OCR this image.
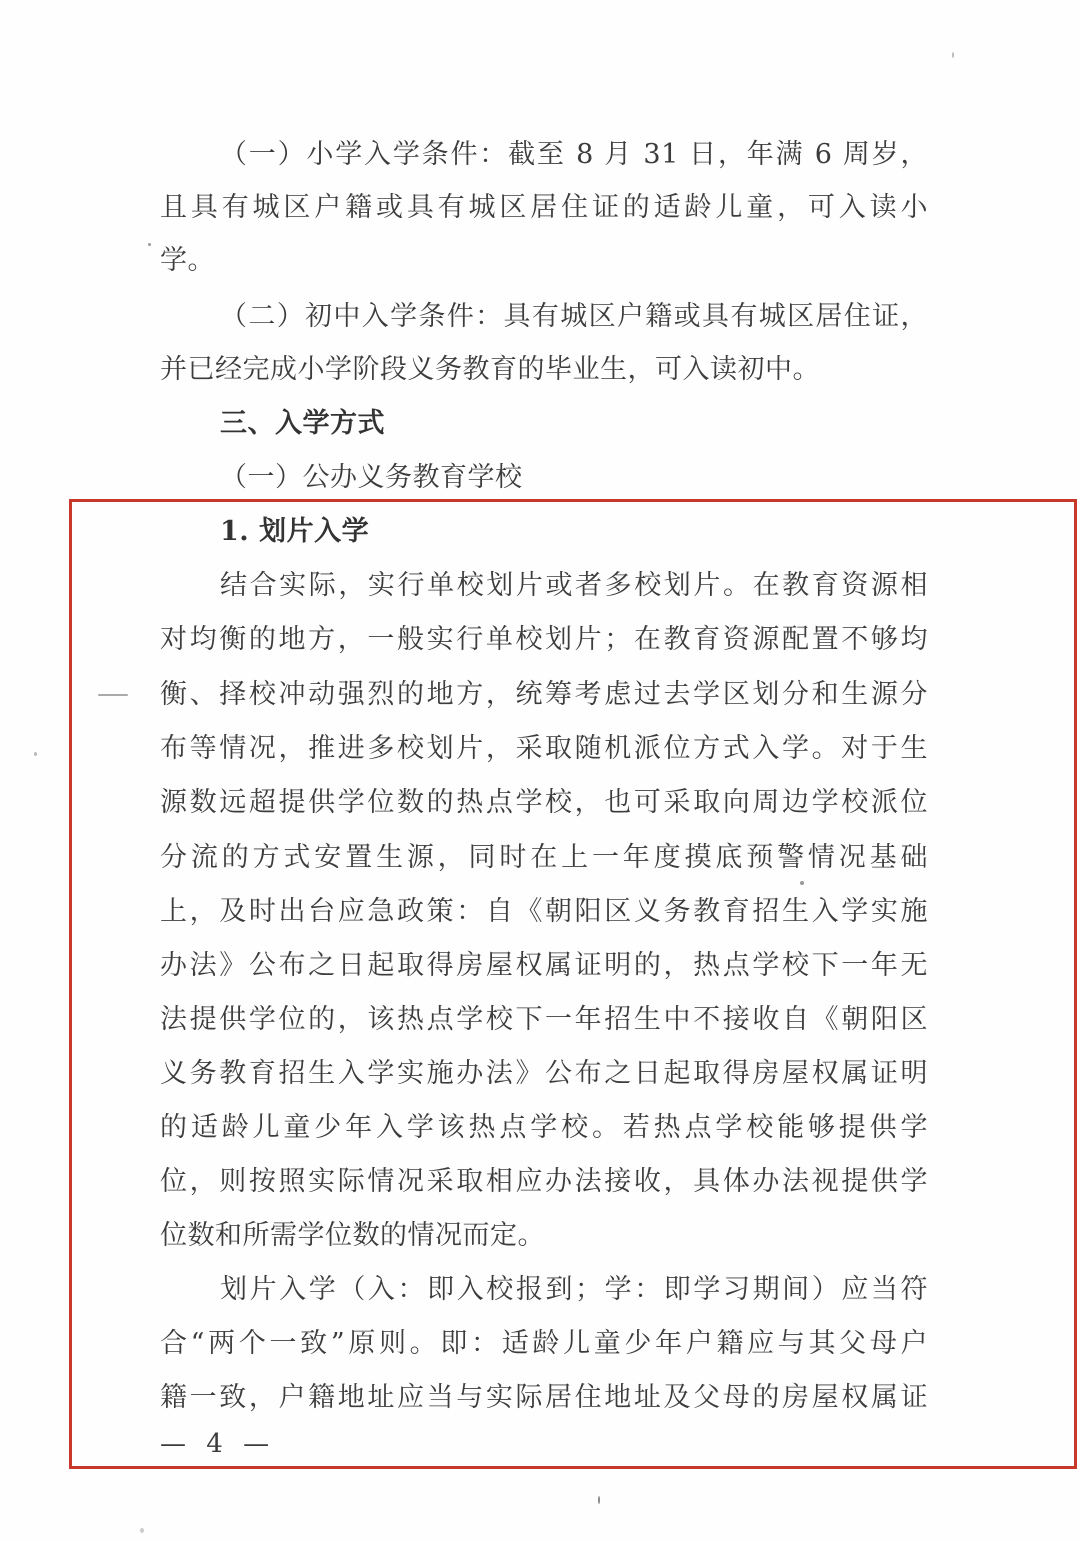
（一）小学入学条件：截至 8 月 31 日，年满 6 周岁，
且具有城区户籍或具有城区居住证的适龄儿童，可入读小
学。
（二）初中入学条件：具有城区户籍或具有城区居住证，
并已经完成小学阶段义务教育的毕业生，可入读初中。
三、入学方式
（一）公办义务教育学校
1. 划片入学
结合实际，实行单校划片或者多校划片。在教育资源相
对均衡的地方，一般实行单校划片；在教育资源配置不够均
衡、择校冲动强烈的地方，统筹考虑过去学区划分和生源分
布等情况，推进多校划片，采取随机派位方式入学。对于生
源数远超提供学位数的热点学校，也可采取向周边学校派位
分流的方式安置生源，同时在上一年度摸底预警情况基础
上，及时出台应急政策：自《朝阳区义务教育招生入学实施
办法》公布之日起取得房屋权属证明的，热点学校下一年无
法提供学位的，该热点学校下一年招生中不接收自《朝阳区
义务教育招生入学实施办法》公布之日起取得房屋权属证明
的适龄儿童少年入学该热点学校。若热点学校能够提供学
位，则按照实际情况采取相应办法接收，具体办法视提供学
位数和所需学位数的情况而定。
划片入学（入：即入校报到；学：即学习期间）应当符
合“两个一致”原则。即：适龄儿童少年户籍应与其父母户
籍一致，户籍地址应当与实际居住地址及父母的房屋权属证
— 4 —
